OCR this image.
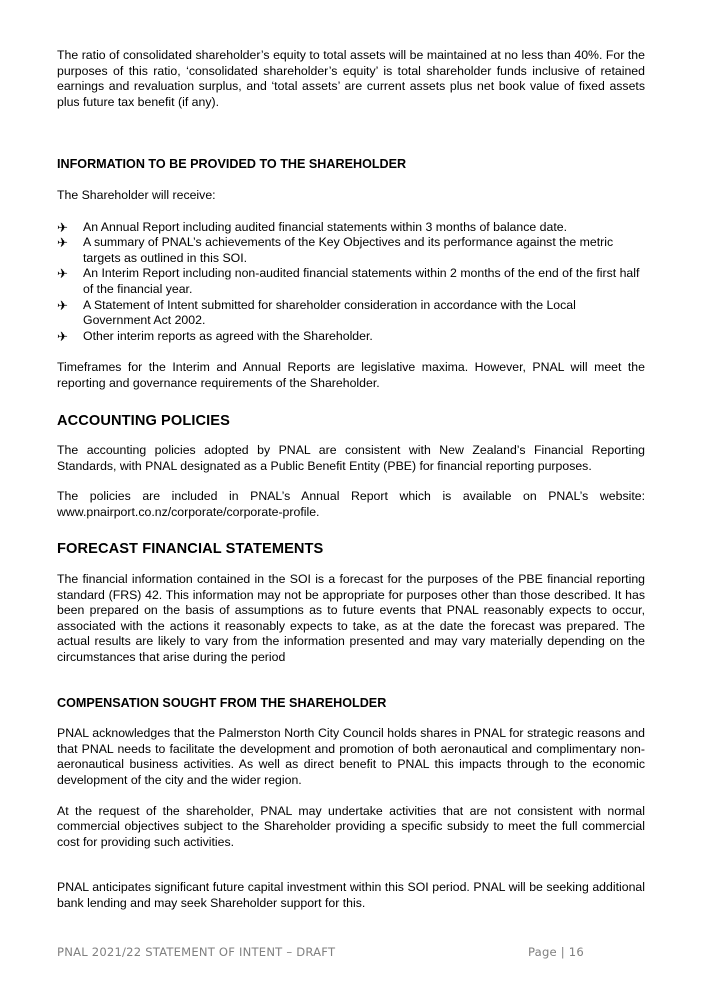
The ratio of consolidated shareholder’s equity to total assets will be maintained at no less than 40%. For the purposes of this ratio, ‘consolidated shareholder’s equity’ is total shareholder funds inclusive of retained earnings and revaluation surplus, and ‘total assets’ are current assets plus net book value of fixed assets plus future tax benefit (if any).

INFORMATION TO BE PROVIDED TO THE SHAREHOLDER

The Shareholder will receive:

✈ An Annual Report including audited financial statements within 3 months of balance date.
✈ A summary of PNAL’s achievements of the Key Objectives and its performance against the metric targets as outlined in this SOI.
✈ An Interim Report including non-audited financial statements within 2 months of the end of the first half of the financial year.
✈ A Statement of Intent submitted for shareholder consideration in accordance with the Local Government Act 2002.
✈ Other interim reports as agreed with the Shareholder.

Timeframes for the Interim and Annual Reports are legislative maxima. However, PNAL will meet the reporting and governance requirements of the Shareholder.

ACCOUNTING POLICIES

The accounting policies adopted by PNAL are consistent with New Zealand’s Financial Reporting Standards, with PNAL designated as a Public Benefit Entity (PBE) for financial reporting purposes.

The policies are included in PNAL’s Annual Report which is available on PNAL’s website: www.pnairport.co.nz/corporate/corporate-profile.

FORECAST FINANCIAL STATEMENTS

The financial information contained in the SOI is a forecast for the purposes of the PBE financial reporting standard (FRS) 42. This information may not be appropriate for purposes other than those described. It has been prepared on the basis of assumptions as to future events that PNAL reasonably expects to occur, associated with the actions it reasonably expects to take, as at the date the forecast was prepared. The actual results are likely to vary from the information presented and may vary materially depending on the circumstances that arise during the period

COMPENSATION SOUGHT FROM THE SHAREHOLDER

PNAL acknowledges that the Palmerston North City Council holds shares in PNAL for strategic reasons and that PNAL needs to facilitate the development and promotion of both aeronautical and complimentary non-aeronautical business activities. As well as direct benefit to PNAL this impacts through to the economic development of the city and the wider region.

At the request of the shareholder, PNAL may undertake activities that are not consistent with normal commercial objectives subject to the Shareholder providing a specific subsidy to meet the full commercial cost for providing such activities.

PNAL anticipates significant future capital investment within this SOI period. PNAL will be seeking additional bank lending and may seek Shareholder support for this.

PNAL 2021/22 STATEMENT OF INTENT – DRAFT	Page | 16
